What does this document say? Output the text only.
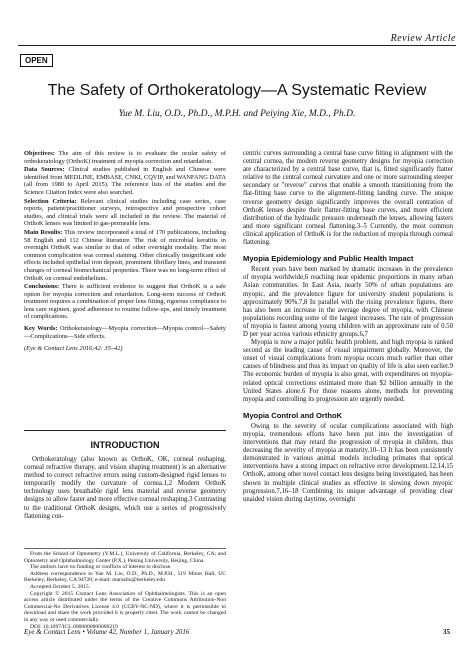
Review Article
OPEN
The Safety of Orthokeratology—A Systematic Review
Yue M. Liu, O.D., Ph.D., M.P.H. and Peiying Xie, M.D., Ph.D.

Objectives: The aim of this review is to evaluate the ocular safety of orthokeratology (OrthoK) treatment of myopia correction and retardation.

Data Sources: Clinical studies published in English and Chinese were identified from MEDLINE, EMBASE, CNKI, CQVIP, and WANFANG DATA (all from 1980 to April 2015). The reference lists of the studies and the Science Citation Index were also searched.

Selection Criteria: Relevant clinical studies including case series, case reports, patient/practitioner surveys, retrospective and prospective cohort studies, and clinical trials were all included in the review. The material of OrthoK lenses was limited to gas-permeable lens.

Main Results: This review incorporated a total of 170 publications, including 58 English and 112 Chinese literature. The risk of microbial keratitis in overnight OrthoK was similar to that of other overnight modality. The most common complication was corneal staining. Other clinically insignificant side effects included epithelial iron deposit, prominent fibrillary lines, and transient changes of corneal biomechanical properties. There was no long-term effect of OrthoK on corneal endothelium.

Conclusions: There is sufficient evidence to suggest that OrthoK is a safe option for myopia correction and retardation. Long-term success of OrthoK treatment requires a combination of proper lens fitting, rigorous compliance to lens care regimen, good adherence to routine follow-ups, and timely treatment of complications.

Key Words: Orthokeratology—Myopia correction—Myopia control—Safety—Complications—Side effects.

(Eye & Contact Lens 2016;42: 35–42)

INTRODUCTION

Orthokeratology (also known as OrthoK, OK, corneal reshaping, corneal refractive therapy, and vision shaping treatment) is an alternative method to correct refractive errors using custom-designed rigid lenses to temporarily modify the curvature of cornea.1,2 Modern OrthoK technology uses breathable rigid lens material and reverse geometry designs to allow faster and more effective corneal reshaping.3 Contrasting to the traditional OrthoK designs, which use a series of progressively flattening con-

From the School of Optometry (Y.M.L.), University of California, Berkeley, CA; and Optometry and Ophthalmology Center (P.X.), Peking University, Beijing, China.

The authors have no funding or conflicts of interest to disclose.

Address correspondence to Yue M. Liu, O.D., Ph.D., M.P.H., 519 Minor Hall, UC Berkeley, Berkeley, CA 94720; e-mail: marsaliu@berkeley.edu

Accepted October 5, 2015.

Copyright © 2015 Contact Lens Association of Ophthalmologists. This is an open access article distributed under the terms of the Creative Commons Attribution-Non Commercial-No Derivatives License 4.0 (CCBY-NC-ND), where it is permissible to download and share the work provided it is properly cited. The work cannot be changed in any way or used commercially.

DOI: 10.1097/ICL.0000000000000219

centric curves surrounding a central base curve fitting in alignment with the central cornea, the modern reverse geometry designs for myopia correction are characterized by a central base curve, that is, fitted significantly flatter relative to the central corneal curvature and one or more surrounding steeper secondary or "reverse" curves that enable a smooth transitioning from the flat-fitting base curve to the alignment-fitting landing curve. The unique reverse geometry design significantly improves the overall centration of OrthoK lenses despite their flatter-fitting base curves, and more efficient distribution of the hydraulic pressure underneath the lenses, allowing fasters and more significant corneal flattening.3–5 Currently, the most common clinical application of OrthoK is for the reduction of myopia through corneal flattening.

Myopia Epidemiology and Public Health Impact

Recent years have been marked by dramatic increases in the prevalence of myopia worldwide,6 reaching near epidemic proportions in many urban Asian communities. In East Asia, nearly 50% of urban populations are myopic, and the prevalence figure for university student populations is approximately 90%.7,8 In parallel with the rising prevalence figures, there has also been an increase in the average degree of myopia, with Chinese populations recording some of the largest increases. The rate of progression of myopia is fastest among young children with an approximate rate of 0.50 D per year across various ethnicity groups.6,7

Myopia is now a major public health problem, and high myopia is ranked second as the leading cause of visual impairment globally. Moreover, the onset of visual complications from myopia occurs much earlier than other causes of blindness and thus its impact on quality of life is also seen earlier.9 The economic burden of myopia is also great, with expenditures on myopia-related optical corrections estimated more than $2 billion annually in the United States alone.6 For those reasons alone, methods for preventing myopia and controlling its progression are urgently needed.

Myopia Control and OrthoK

Owing to the severity of ocular complications associated with high myopia, tremendous efforts have been put into the investigation of interventions that may retard the progression of myopia in children, thus decreasing the severity of myopia at maturity.10–13 It has been consistently demonstrated in various animal models including primates that optical interventions have a strong impact on refractive error development.12,14,15 OrthoK, among other novel contact lens designs being investigated, has been shown in multiple clinical studies as effective in slowing down myopic progression.7,16–18 Combining its unique advantage of providing clear unaided vision during daytime, overnight

Eye & Contact Lens • Volume 42, Number 1, January 2016	35
